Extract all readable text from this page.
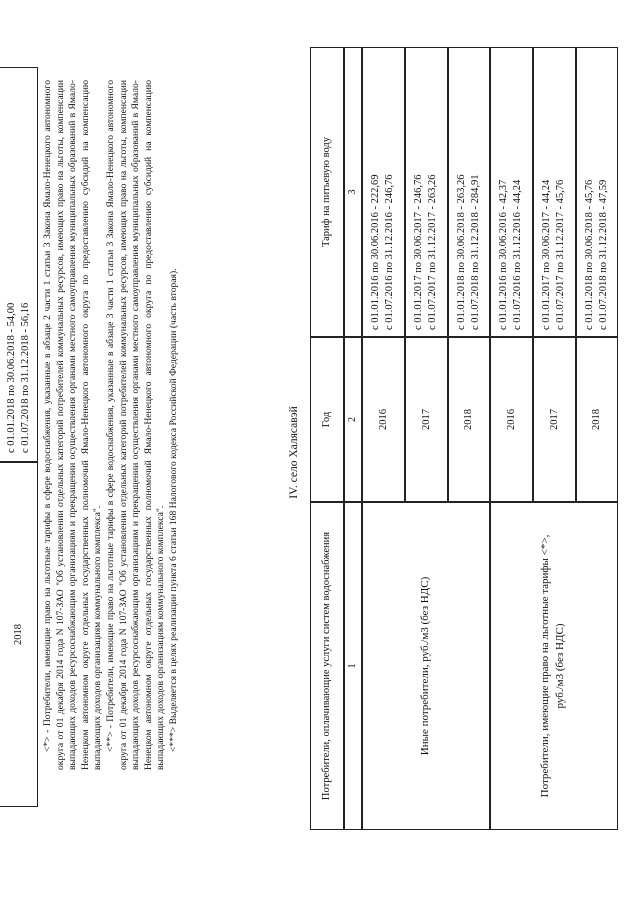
2018
с 01.01.2018 по 30.06.2018 - 54,00 с 01.07.2018 по 31.12.2018 - 56,16 <*> - Потребители, имеющие право на льготные тарифы в сфере водоснабжения, указанные в абзаце 2 части 1 статьи 3 Закона Ямало-Ненецкого автономного округа от 01 декабря 2014 года N 107-ЗАО "Об установлении отдельных категорий потребителей коммунальных ресурсов, имеющих право на льготы, компенсации выпадающих доходов ресурсоснабжающим организациям и прекращении осуществления органами местного самоуправления муниципальных образований в Ямало-Ненецком автономном округе отдельных государственных полномочий Ямало-Ненецкого автономного округа по предоставлению субсидий на компенсацию выпадающих доходов организациям коммунального комплекса". <**> - Потребители, имеющие право на льготные тарифы в сфере водоснабжения, указанные в абзаце 3 части 1 статьи 3 Закона Ямало-Ненецкого автономного округа от 01 декабря 2014 года N 107-ЗАО "Об установлении отдельных категорий потребителей коммунальных ресурсов, имеющих право на льготы, компенсации выпадающих доходов ресурсоснабжающим организациям и прекращении осуществления органами местного самоуправления муниципальных образований в Ямало-Ненецком автономном округе отдельных государственных полномочий Ямало-Ненецкого автономного округа по предоставлению субсидий на компенсацию выпадающих доходов организациям коммунального комплекса". <***> Выделяется в целях реализации пункта 6 статьи 168 Налогового кодекса Российской Федерации (часть вторая).	IV. село Халясавэй
Потребители, оплачивающие услуги систем водоснабжения
Год
Тариф на питьевую воду
1
2
3
Иные потребители, руб./м3 (без НДС)
2016
с 01.01.2016 по 30.06.2016 - 222,69 с 01.07.2016 по 31.12.2016 - 246,76
2017
с 01.01.2017 по 30.06.2017 - 246,76 с 01.07.2017 по 31.12.2017 - 263,26
2018
с 01.01.2018 по 30.06.2018 - 263,26 с 01.07.2018 по 31.12.2018 - 284,91
Потребители, имеющие право на льготные тарифы <*>, руб./м3 (без НДС)
2016
с 01.01.2016 по 30.06.2016 - 42,37 с 01.07.2016 по 31.12.2016 - 44,24
2017
с 01.01.2017 по 30.06.2017 - 44,24 с 01.07.2017 по 31.12.2017 - 45,76
2018
с 01.01.2018 по 30.06.2018 - 45,76 с 01.07.2018 по 31.12.2018 - 47,59
